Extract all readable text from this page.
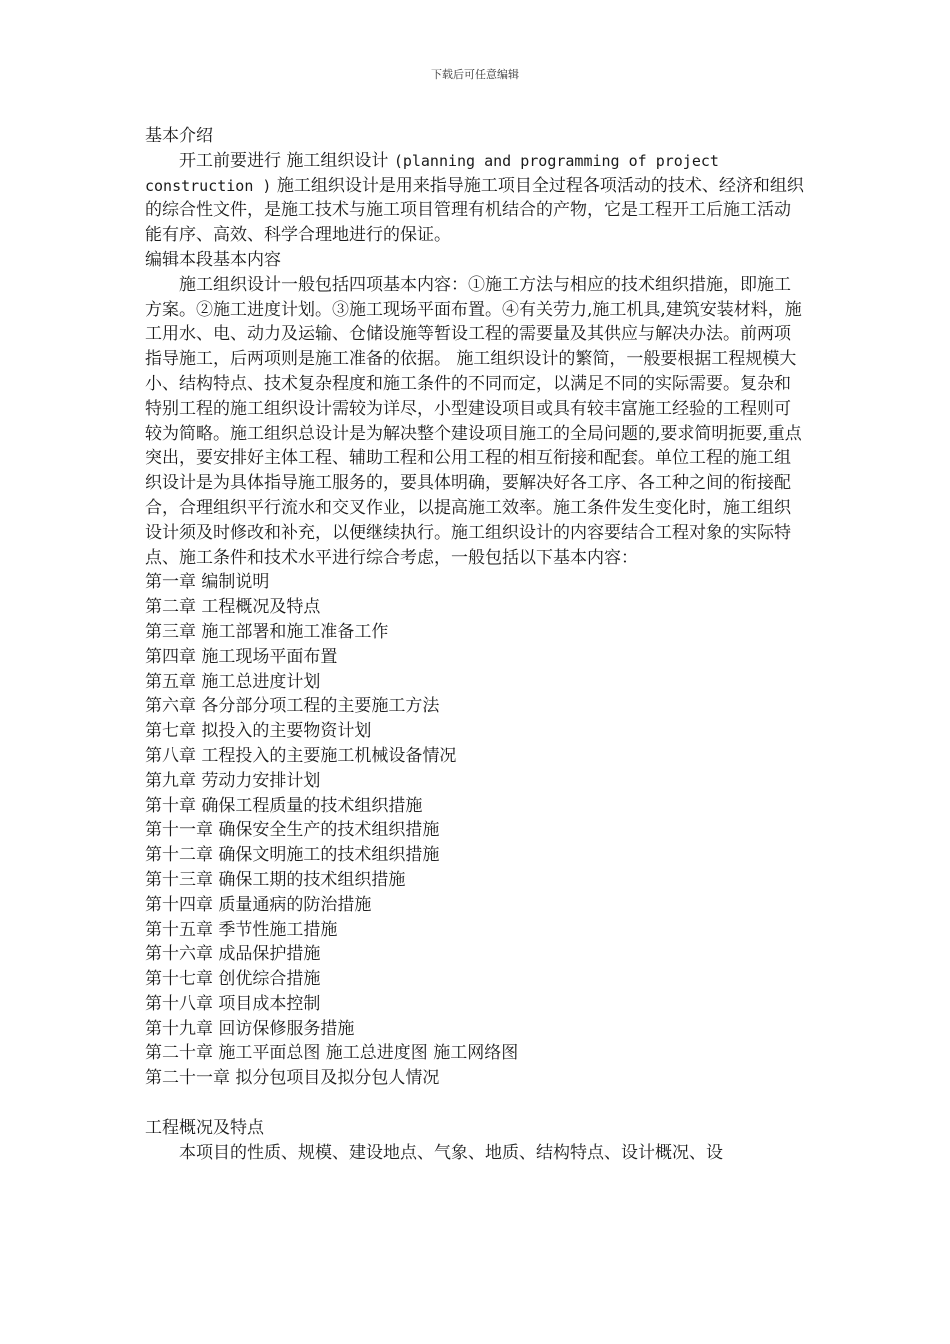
下载后可任意编辑

基本介绍

开工前要进行 施工组织设计 (planning and programming of project construction ) 施工组织设计是用来指导施工项目全过程各项活动的技术、经济和组织的综合性文件，是施工技术与施工项目管理有机结合的产物，它是工程开工后施工活动能有序、高效、科学合理地进行的保证。

编辑本段基本内容

施工组织设计一般包括四项基本内容：①施工方法与相应的技术组织措施，即施工方案。②施工进度计划。③施工现场平面布置。④有关劳力,施工机具,建筑安装材料，施工用水、电、动力及运输、仓储设施等暂设工程的需要量及其供应与解决办法。前两项指导施工，后两项则是施工准备的依据。 施工组织设计的繁简，一般要根据工程规模大小、结构特点、技术复杂程度和施工条件的不同而定，以满足不同的实际需要。复杂和特别工程的施工组织设计需较为详尽，小型建设项目或具有较丰富施工经验的工程则可较为简略。施工组织总设计是为解决整个建设项目施工的全局问题的,要求简明扼要,重点突出，要安排好主体工程、辅助工程和公用工程的相互衔接和配套。单位工程的施工组织设计是为具体指导施工服务的，要具体明确，要解决好各工序、各工种之间的衔接配合，合理组织平行流水和交叉作业，以提高施工效率。施工条件发生变化时，施工组织设计须及时修改和补充，以便继续执行。施工组织设计的内容要结合工程对象的实际特点、施工条件和技术水平进行综合考虑，一般包括以下基本内容：

第一章 编制说明
第二章 工程概况及特点
第三章 施工部署和施工准备工作
第四章 施工现场平面布置
第五章 施工总进度计划
第六章 各分部分项工程的主要施工方法
第七章 拟投入的主要物资计划
第八章 工程投入的主要施工机械设备情况
第九章 劳动力安排计划
第十章 确保工程质量的技术组织措施
第十一章 确保安全生产的技术组织措施
第十二章 确保文明施工的技术组织措施
第十三章 确保工期的技术组织措施
第十四章 质量通病的防治措施
第十五章 季节性施工措施
第十六章 成品保护措施
第十七章 创优综合措施
第十八章 项目成本控制
第十九章 回访保修服务措施
第二十章 施工平面总图 施工总进度图 施工网络图
第二十一章 拟分包项目及拟分包人情况

工程概况及特点

本项目的性质、规模、建设地点、气象、地质、结构特点、设计概况、设
